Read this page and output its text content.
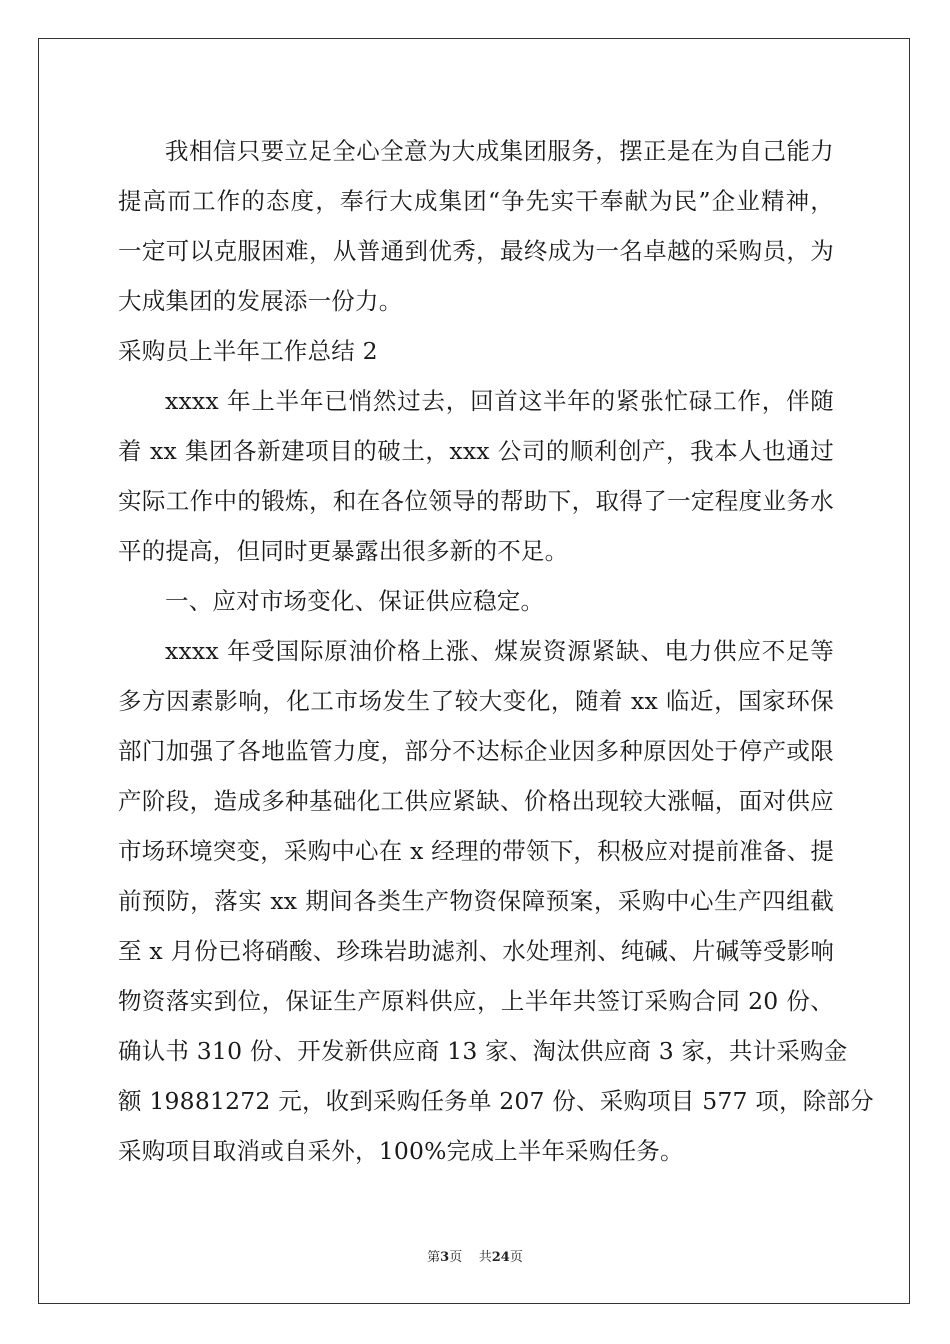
我相信只要立足全心全意为大成集团服务，摆正是在为自己能力
提高而工作的态度，奉行大成集团“争先实干奉献为民”企业精神，
一定可以克服困难，从普通到优秀，最终成为一名卓越的采购员，为
大成集团的发展添一份力。
采购员上半年工作总结 2
xxxx 年上半年已悄然过去，回首这半年的紧张忙碌工作，伴随
着 xx 集团各新建项目的破土，xxx 公司的顺利创产，我本人也通过
实际工作中的锻炼，和在各位领导的帮助下，取得了一定程度业务水
平的提高，但同时更暴露出很多新的不足。
一、应对市场变化、保证供应稳定。
xxxx 年受国际原油价格上涨、煤炭资源紧缺、电力供应不足等
多方因素影响，化工市场发生了较大变化，随着 xx 临近，国家环保
部门加强了各地监管力度，部分不达标企业因多种原因处于停产或限
产阶段，造成多种基础化工供应紧缺、价格出现较大涨幅，面对供应
市场环境突变，采购中心在 x 经理的带领下，积极应对提前准备、提
前预防，落实 xx 期间各类生产物资保障预案，采购中心生产四组截
至 x 月份已将硝酸、珍珠岩助滤剂、水处理剂、纯碱、片碱等受影响
物资落实到位，保证生产原料供应，上半年共签订采购合同 20 份、
确认书 310 份、开发新供应商 13 家、淘汰供应商 3 家，共计采购金
额 19881272 元，收到采购任务单 207 份、采购项目 577 项，除部分
采购项目取消或自采外，100%完成上半年采购任务。
第3页 共24页
